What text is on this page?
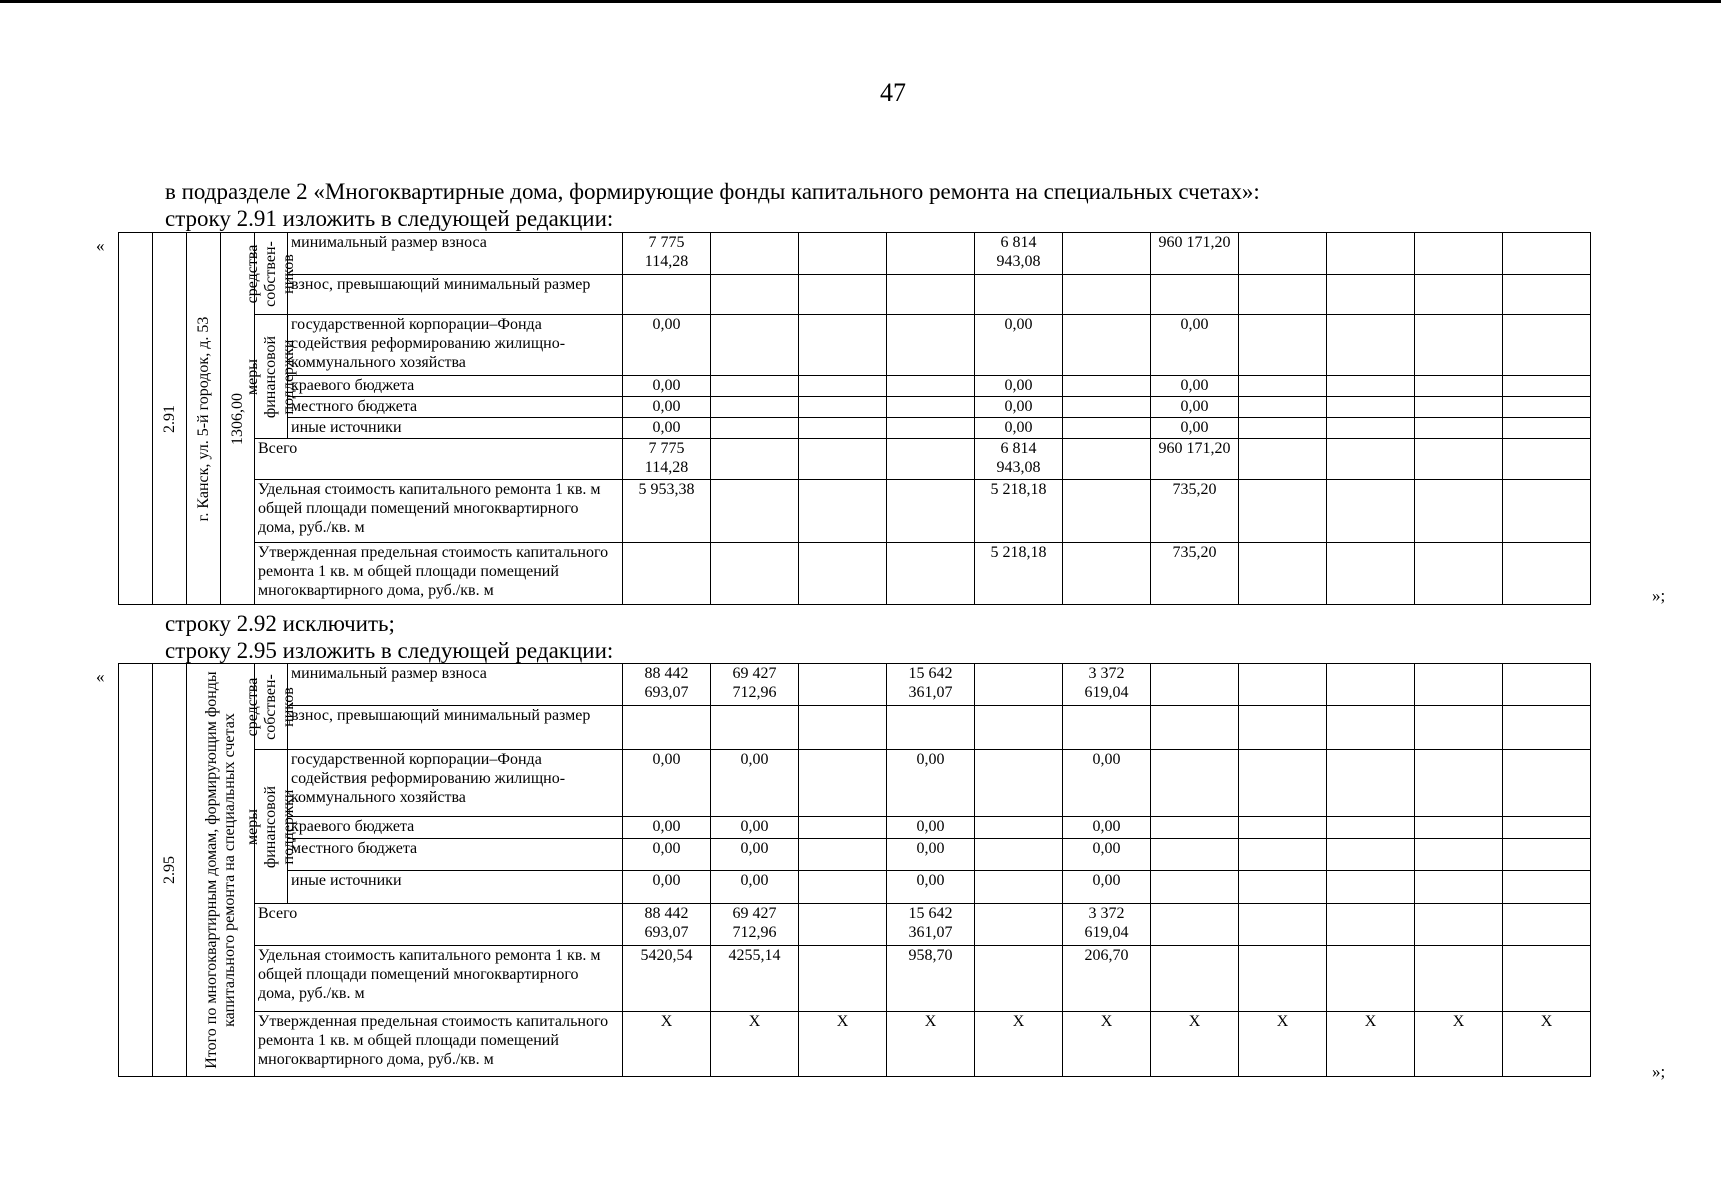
47
в подразделе 2 «Многоквартирные дома, формирующие фонды капитального ремонта на специальных счетах»:
строку 2.91 изложить в следующей редакции:
«

	2.91	г. Канск, ул. 5-й городок, д. 53	1306,00	средства собствен- ников	минимальный размер взноса	7 775 114,28				6 814 943,08		960 171,20				
					взнос, превышающий минимальный размер											

				меры финансовой поддержки	государственной корпорации–Фонда содействия реформированию жилищно-коммунального хозяйства	0,00				0,00		0,00				
					краевого бюджета	0,00				0,00		0,00				
					местного бюджета	0,00				0,00		0,00				
					иные источники	0,00				0,00		0,00				
				Всего		7 775 114,28				6 814 943,08		960 171,20				
				Удельная стоимость капитального ремонта 1 кв. м общей площади помещений многоквартирного дома, руб./кв. м		5 953,38				5 218,18		735,20				
				Утвержденная предельная стоимость капитального ремонта 1 кв. м общей площади помещений многоквартирного дома, руб./кв. м						5 218,18		735,20				
»;
строку 2.92 исключить;
строку 2.95 изложить в следующей редакции:
«

	2.95	Итого по многоквартирным домам, формирующим фонды капитального ремонта на специальных счетах	средства собствен- ников	минимальный размер взноса	88 442 693,07	69 427 712,96		15 642 361,07		3 372 619,04					
				взнос, превышающий минимальный размер											

			меры финансовой поддержки	государственной корпорации–Фонда содействия реформированию жилищно-коммунального хозяйства	0,00	0,00		0,00		0,00					
				краевого бюджета	0,00	0,00		0,00		0,00					
				местного бюджета	0,00	0,00		0,00		0,00					
				иные источники	0,00	0,00		0,00		0,00					
			Всего		88 442 693,07	69 427 712,96		15 642 361,07		3 372 619,04					
			Удельная стоимость капитального ремонта 1 кв. м общей площади помещений многоквартирного дома, руб./кв. м		5420,54	4255,14		958,70		206,70					
			Утвержденная предельная стоимость капитального ремонта 1 кв. м общей площади помещений многоквартирного дома, руб./кв. м		X	X	X	X	X	X	X	X	X	X	X
»;
